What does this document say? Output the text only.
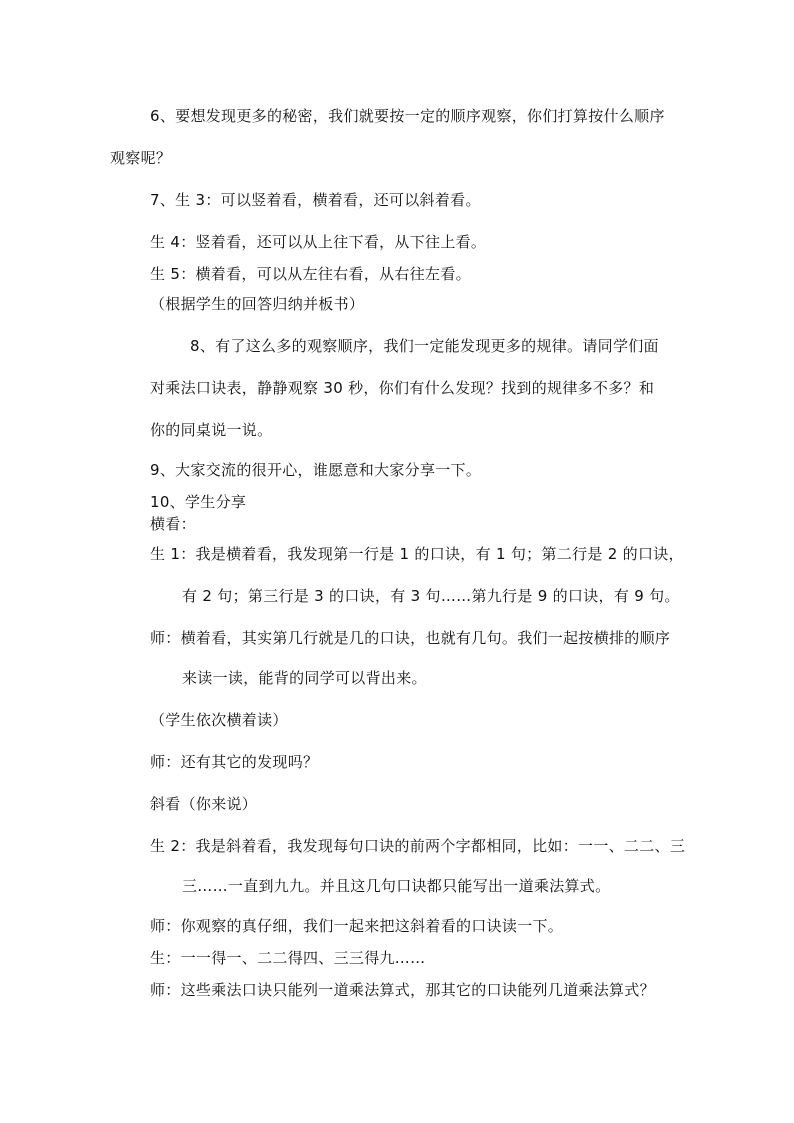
6、要想发现更多的秘密，我们就要按一定的顺序观察，你们打算按什么顺序
观察呢？
7、生 3：可以竖着看，横着看，还可以斜着看。
生 4：竖着看，还可以从上往下看，从下往上看。
生 5：横着看，可以从左往右看，从右往左看。
（根据学生的回答归纳并板书）
8、有了这么多的观察顺序，我们一定能发现更多的规律。请同学们面
对乘法口诀表，静静观察 30 秒，你们有什么发现？找到的规律多不多？和
你的同桌说一说。
9、大家交流的很开心，谁愿意和大家分享一下。
10、学生分享
横看：
生 1：我是横着看，我发现第一行是 1 的口诀，有 1 句；第二行是 2 的口诀，
有 2 句；第三行是 3 的口诀，有 3 句……第九行是 9 的口诀，有 9 句。
师：横着看，其实第几行就是几的口诀，也就有几句。我们一起按横排的顺序
来读一读，能背的同学可以背出来。
（学生依次横着读）
师：还有其它的发现吗？
斜看（你来说）
生 2：我是斜着看，我发现每句口诀的前两个字都相同，比如：一一、二二、三
三……一直到九九。并且这几句口诀都只能写出一道乘法算式。
师：你观察的真仔细，我们一起来把这斜着看的口诀读一下。
生：一一得一、二二得四、三三得九……
师：这些乘法口诀只能列一道乘法算式，那其它的口诀能列几道乘法算式？
